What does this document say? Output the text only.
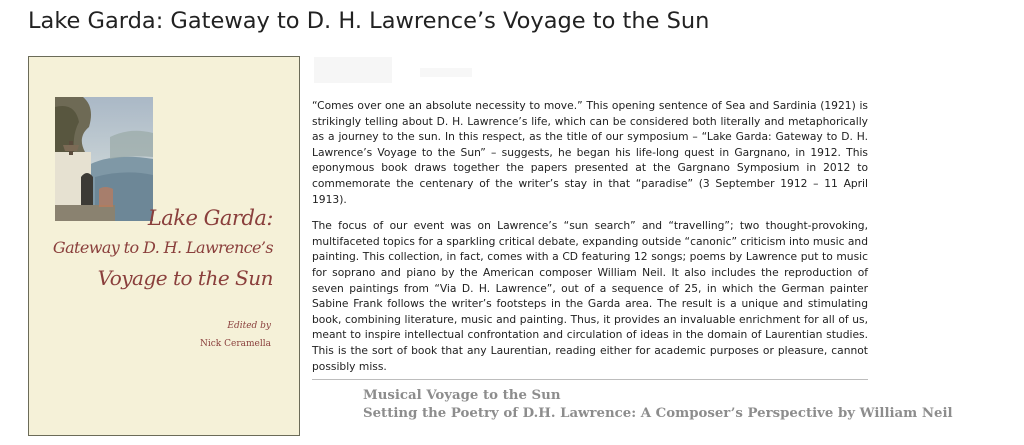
Lake Garda: Gateway to D. H. Lawrence’s Voyage to the Sun
Lake Garda:
Gateway to D. H. Lawrence’s
Voyage to the Sun
Edited by
Nick Ceramella

“Comes over one an absolute necessity to move.” This opening sentence of Sea and Sardinia (1921) is strikingly telling about D. H. Lawrence’s life, which can be considered both literally and metaphorically as a journey to the sun. In this respect, as the title of our symposium – “Lake Garda: Gateway to D. H. Lawrence’s Voyage to the Sun” – suggests, he began his life-long quest in Gargnano, in 1912. This eponymous book draws together the papers presented at the Gargnano Symposium in 2012 to commemorate the centenary of the writer’s stay in that “paradise” (3 September 1912 – 11 April 1913).

The focus of our event was on Lawrence’s “sun search” and “travelling”; two thought-provoking, multifaceted topics for a sparkling critical debate, expanding outside “canonic” criticism into music and painting. This collection, in fact, comes with a CD featuring 12 songs; poems by Lawrence put to music for soprano and piano by the American composer William Neil. It also includes the reproduction of seven paintings from “Via D. H. Lawrence”, out of a sequence of 25, in which the German painter Sabine Frank follows the writer’s footsteps in the Garda area. The result is a unique and stimulating book, combining literature, music and painting. Thus, it provides an invaluable enrichment for all of us, meant to inspire intellectual confrontation and circulation of ideas in the domain of Laurentian studies. This is the sort of book that any Laurentian, reading either for academic purposes or pleasure, cannot possibly miss.

Musical Voyage to the Sun
Setting the Poetry of D.H. Lawrence: A Composer’s Perspective by William Neil
